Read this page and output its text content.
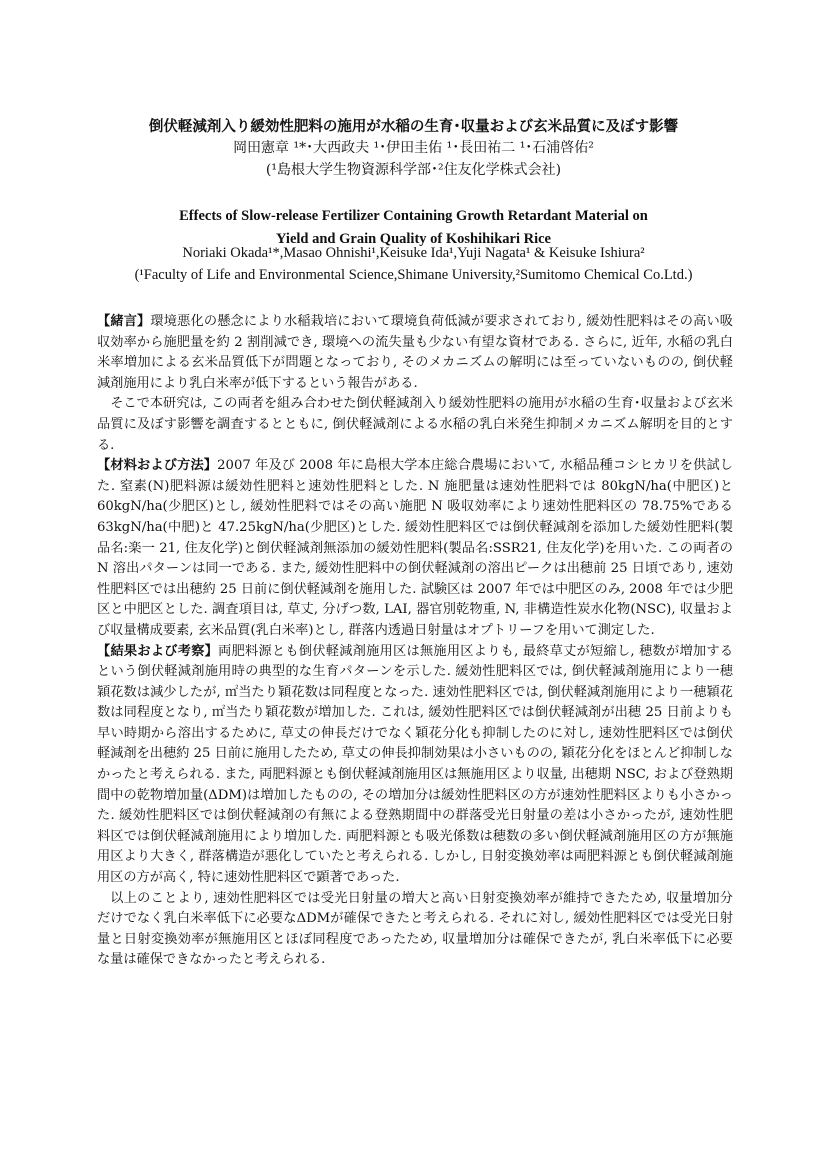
倒伏軽減剤入り緩効性肥料の施用が水稲の生育･収量および玄米品質に及ぼす影響
岡田憲章 ¹*･大西政夫 ¹･伊田圭佑 ¹･長田祐二 ¹･石浦啓佑²
(¹島根大学生物資源科学部･²住友化学株式会社)
Effects of Slow-release Fertilizer Containing Growth Retardant Material on
Yield and Grain Quality of Koshihikari Rice
Noriaki Okada¹*,Masao Ohnishi¹,Keisuke Ida¹,Yuji Nagata¹ & Keisuke Ishiura²
(¹Faculty of Life and Environmental Science,Shimane University,²Sumitomo Chemical Co.Ltd.)

【緒言】環境悪化の懸念により水稲栽培において環境負荷低減が要求されており, 緩効性肥料はその高い吸収効率から施肥量を約 2 割削減でき, 環境への流失量も少ない有望な資材である. さらに, 近年, 水稲の乳白米率増加による玄米品質低下が問題となっており, そのメカニズムの解明には至っていないものの, 倒伏軽減剤施用により乳白米率が低下するという報告がある.

そこで本研究は, この両者を組み合わせた倒伏軽減剤入り緩効性肥料の施用が水稲の生育･収量および玄米品質に及ぼす影響を調査するとともに, 倒伏軽減剤による水稲の乳白米発生抑制メカニズム解明を目的とする.

【材料および方法】2007 年及び 2008 年に島根大学本庄総合農場において, 水稲品種コシヒカリを供試した. 窒素(N)肥料源は緩効性肥料と速効性肥料とした. N 施肥量は速効性肥料では 80kgN/ha(中肥区)と 60kgN/ha(少肥区)とし, 緩効性肥料ではその高い施肥 N 吸収効率により速効性肥料区の 78.75%である 63kgN/ha(中肥)と 47.25kgN/ha(少肥区)とした. 緩効性肥料区では倒伏軽減剤を添加した緩効性肥料(製品名:楽一 21, 住友化学)と倒伏軽減剤無添加の緩効性肥料(製品名:SSR21, 住友化学)を用いた. この両者の N 溶出パターンは同一である. また, 緩効性肥料中の倒伏軽減剤の溶出ピークは出穂前 25 日頃であり, 速効性肥料区では出穂約 25 日前に倒伏軽減剤を施用した. 試験区は 2007 年では中肥区のみ, 2008 年では少肥区と中肥区とした. 調査項目は, 草丈, 分げつ数, LAI, 器官別乾物重, N, 非構造性炭水化物(NSC), 収量および収量構成要素, 玄米品質(乳白米率)とし, 群落内透過日射量はオプトリーフを用いて測定した.

【結果および考察】両肥料源とも倒伏軽減剤施用区は無施用区よりも, 最終草丈が短縮し, 穂数が増加するという倒伏軽減剤施用時の典型的な生育パターンを示した. 緩効性肥料区では, 倒伏軽減剤施用により一穂穎花数は減少したが, ㎡当たり穎花数は同程度となった. 速効性肥料区では, 倒伏軽減剤施用により一穂穎花数は同程度となり, ㎡当たり穎花数が増加した. これは, 緩効性肥料区では倒伏軽減剤が出穂 25 日前よりも早い時期から溶出するために, 草丈の伸長だけでなく穎花分化も抑制したのに対し, 速効性肥料区では倒伏軽減剤を出穂約 25 日前に施用したため, 草丈の伸長抑制効果は小さいものの, 穎花分化をほとんど抑制しなかったと考えられる. また, 両肥料源とも倒伏軽減剤施用区は無施用区より収量, 出穂期 NSC, および登熟期間中の乾物増加量(ΔDM)は増加したものの, その増加分は緩効性肥料区の方が速効性肥料区よりも小さかった. 緩効性肥料区では倒伏軽減剤の有無による登熟期間中の群落受光日射量の差は小さかったが, 速効性肥料区では倒伏軽減剤施用により増加した. 両肥料源とも吸光係数は穂数の多い倒伏軽減剤施用区の方が無施用区より大きく, 群落構造が悪化していたと考えられる. しかし, 日射変換効率は両肥料源とも倒伏軽減剤施用区の方が高く, 特に速効性肥料区で顕著であった.

以上のことより, 速効性肥料区では受光日射量の増大と高い日射変換効率が維持できたため, 収量増加分だけでなく乳白米率低下に必要なΔDMが確保できたと考えられる. それに対し, 緩効性肥料区では受光日射量と日射変換効率が無施用区とほぼ同程度であったため, 収量増加分は確保できたが, 乳白米率低下に必要な量は確保できなかったと考えられる.
